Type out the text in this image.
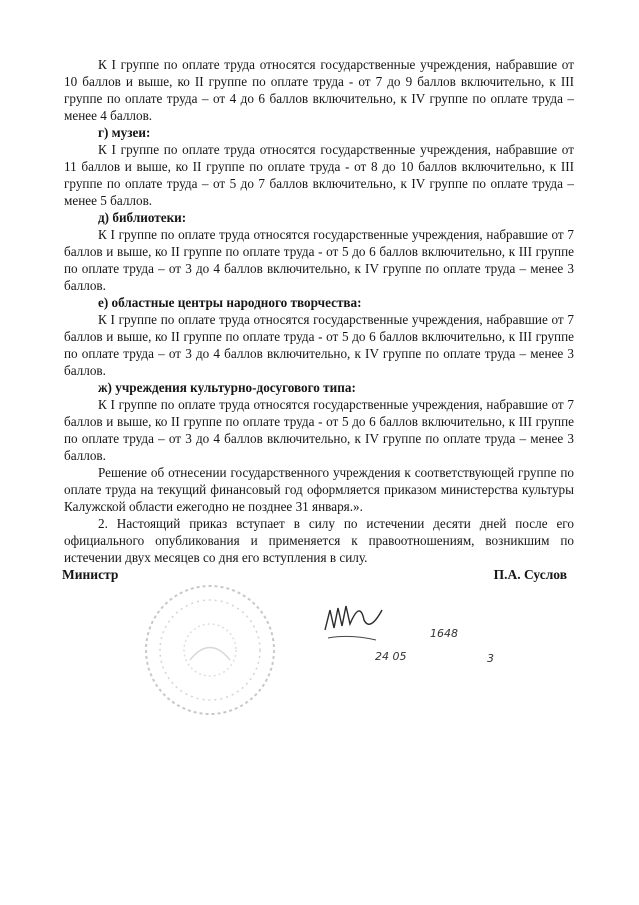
К I группе по оплате труда относятся государственные учреждения, набравшие от 10 баллов и выше, ко II группе по оплате труда - от 7 до 9 баллов включительно, к III группе по оплате труда – от 4 до 6 баллов включительно, к IV группе по оплате труда – менее 4 баллов.

г) музеи:

К I группе по оплате труда относятся государственные учреждения, набравшие от 11 баллов и выше, ко II группе по оплате труда - от 8 до 10 баллов включительно, к III группе по оплате труда – от 5 до 7 баллов включительно, к IV группе по оплате труда – менее 5 баллов.

д) библиотеки:

К I группе по оплате труда относятся государственные учреждения, набравшие от 7 баллов и выше, ко II группе по оплате труда - от 5 до 6 баллов включительно, к III группе по оплате труда – от 3 до 4 баллов включительно, к IV группе по оплате труда – менее 3 баллов.

е) областные центры народного творчества:

К I группе по оплате труда относятся государственные учреждения, набравшие от 7 баллов и выше, ко II группе по оплате труда - от 5 до 6 баллов включительно, к III группе по оплате труда – от 3 до 4 баллов включительно, к IV группе по оплате труда – менее 3 баллов.

ж) учреждения культурно-досугового типа:

К I группе по оплате труда относятся государственные учреждения, набравшие от 7 баллов и выше, ко II группе по оплате труда - от 5 до 6 баллов включительно, к III группе по оплате труда – от 3 до 4 баллов включительно, к IV группе по оплате труда – менее 3 баллов.

Решение об отнесении государственного учреждения к соответствующей группе по оплате труда на текущий финансовый год оформляется приказом министерства культуры Калужской области ежегодно не позднее 31 января.».

2. Настоящий приказ вступает в силу по истечении десяти дней после его официального опубликования и применяется к правоотношениям, возникшим по истечении двух месяцев со дня его вступления в силу.

Министр	П.А. Суслов
1648
24 05	3
